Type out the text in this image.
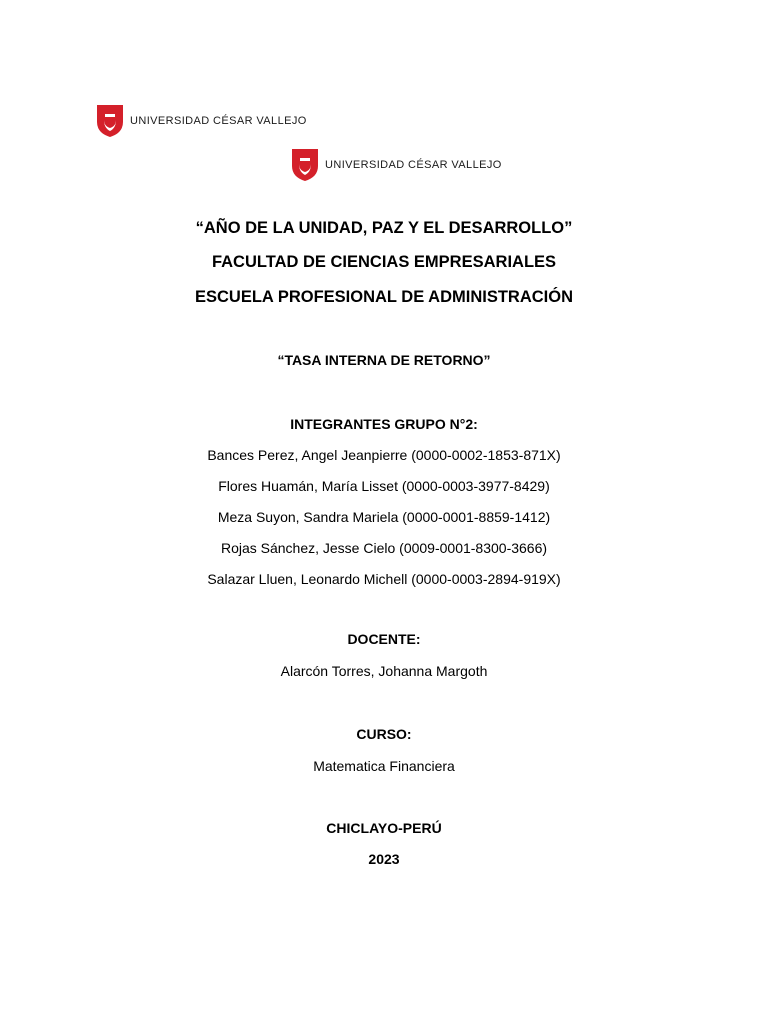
UNIVERSIDAD CÉSAR VALLEJO
UNIVERSIDAD CÉSAR VALLEJO
“AÑO DE LA UNIDAD, PAZ Y EL DESARROLLO”
FACULTAD DE CIENCIAS EMPRESARIALES
ESCUELA PROFESIONAL DE ADMINISTRACIÓN
“TASA INTERNA DE RETORNO”
INTEGRANTES GRUPO N°2:
Bances Perez, Angel Jeanpierre (0000-0002-1853-871X)
Flores Huamán, María Lisset (0000-0003-3977-8429)
Meza Suyon, Sandra Mariela (0000-0001-8859-1412)
Rojas Sánchez, Jesse Cielo (0009-0001-8300-3666)
Salazar Lluen, Leonardo Michell (0000-0003-2894-919X)
DOCENTE:
Alarcón Torres, Johanna Margoth
CURSO:
Matematica Financiera
CHICLAYO-PERÚ
2023
